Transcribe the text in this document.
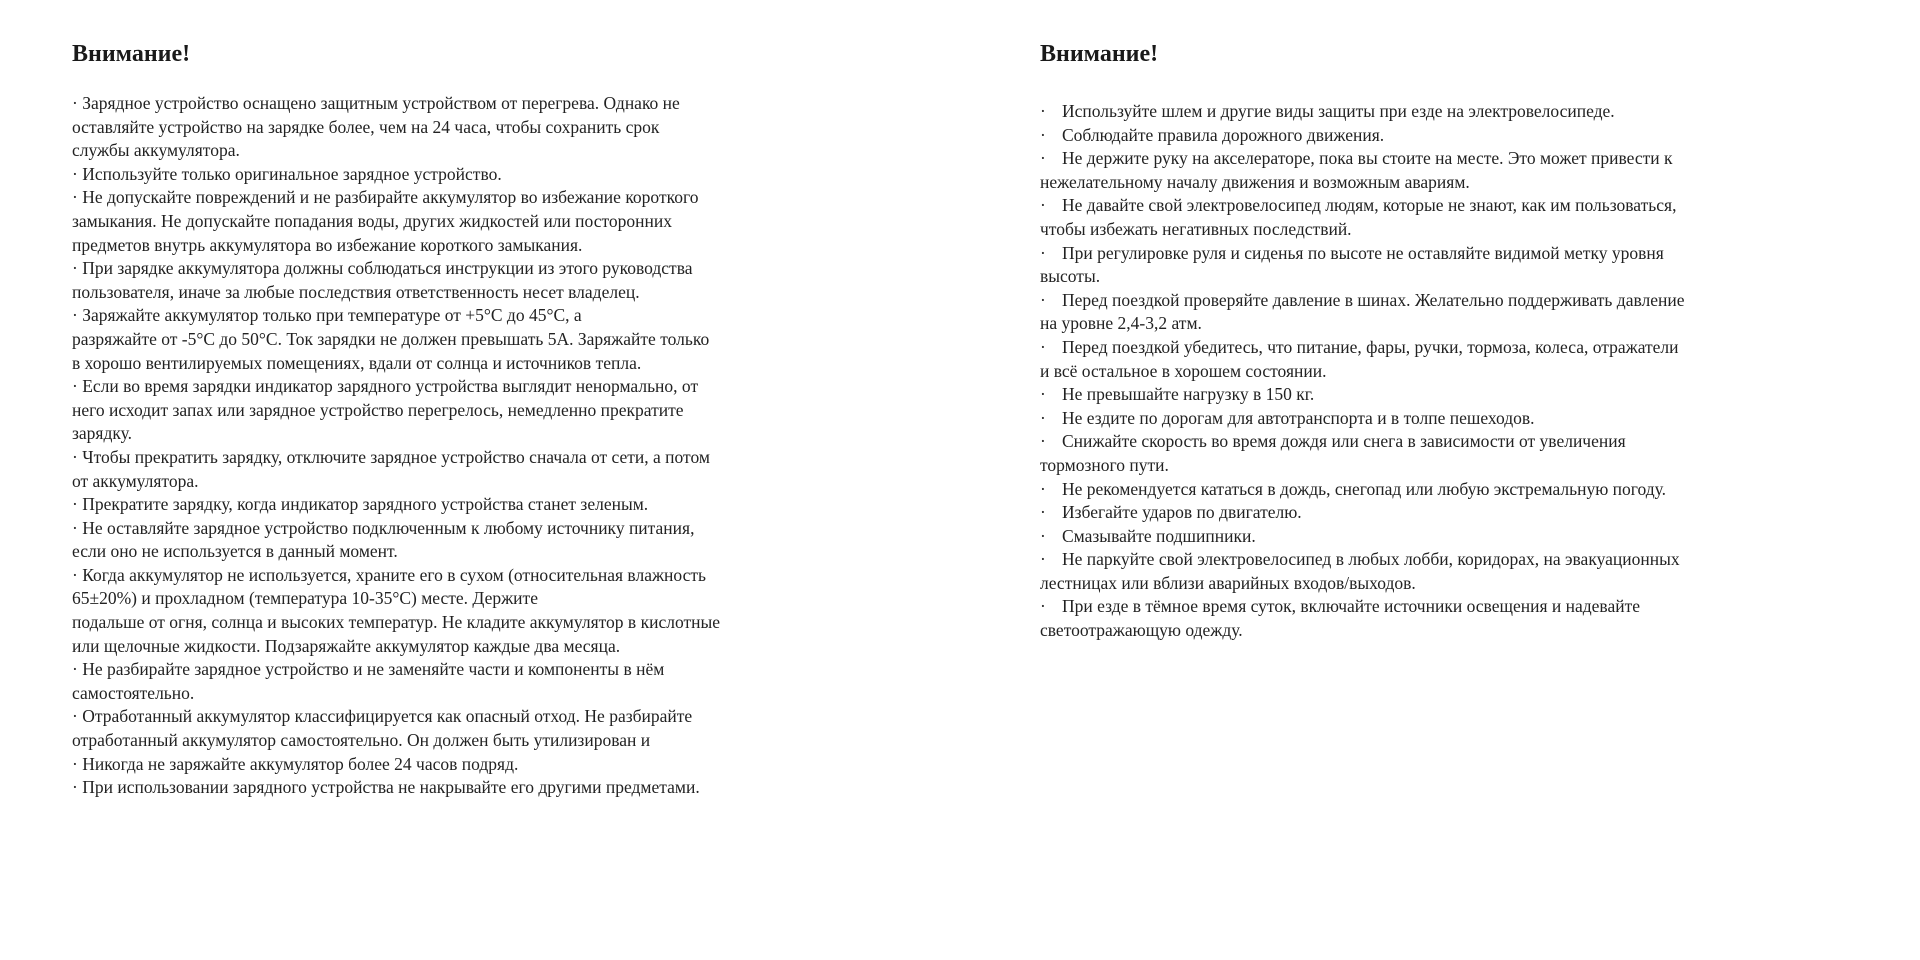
Внимание!
· Зарядное устройство оснащено защитным устройством от перегрева. Однако не
оставляйте устройство на зарядке более, чем на 24 часа, чтобы сохранить срок
службы аккумулятора.
· Используйте только оригинальное зарядное устройство.
· Не допускайте повреждений и не разбирайте аккумулятор во избежание короткого
замыкания. Не допускайте попадания воды, других жидкостей или посторонних
предметов внутрь аккумулятора во избежание короткого замыкания.
· При зарядке аккумулятора должны соблюдаться инструкции из этого руководства
пользователя, иначе за любые последствия ответственность несет владелец.
· Заряжайте аккумулятор только при температуре от +5°С до 45°С, а
разряжайте от -5°С до 50°С. Ток зарядки не должен превышать 5А. Заряжайте только
в хорошо вентилируемых помещениях, вдали от солнца и источников тепла.
· Если во время зарядки индикатор зарядного устройства выглядит ненормально, от
него исходит запах или зарядное устройство перегрелось, немедленно прекратите
зарядку.
· Чтобы прекратить зарядку, отключите зарядное устройство сначала от сети, а потом
от аккумулятора.
· Прекратите зарядку, когда индикатор зарядного устройства станет зеленым.
· Не оставляйте зарядное устройство подключенным к любому источнику питания,
если оно не используется в данный момент.
· Когда аккумулятор не используется, храните его в сухом (относительная влажность
65±20%) и прохладном (температура 10-35°С) месте. Держите
подальше от огня, солнца и высоких температур. Не кладите аккумулятор в кислотные
или щелочные жидкости. Подзаряжайте аккумулятор каждые два месяца.
· Не разбирайте зарядное устройство и не заменяйте части и компоненты в нём
самостоятельно.
· Отработанный аккумулятор классифицируется как опасный отход. Не разбирайте
отработанный аккумулятор самостоятельно. Он должен быть утилизирован и
· Никогда не заряжайте аккумулятор более 24 часов подряд.
· При использовании зарядного устройства не накрывайте его другими предметами.
Внимание!
· Используйте шлем и другие виды защиты при езде на электровелосипеде.
· Соблюдайте правила дорожного движения.
· Не держите руку на акселераторе, пока вы стоите на месте. Это может привести к
нежелательному началу движения и возможным авариям.
· Не давайте свой электровелосипед людям, которые не знают, как им пользоваться,
чтобы избежать негативных последствий.
· При регулировке руля и сиденья по высоте не оставляйте видимой метку уровня
высоты.
· Перед поездкой проверяйте давление в шинах. Желательно поддерживать давление
на уровне 2,4-3,2 атм.
· Перед поездкой убедитесь, что питание, фары, ручки, тормоза, колеса, отражатели
и всё остальное в хорошем состоянии.
· Не превышайте нагрузку в 150 кг.
· Не ездите по дорогам для автотранспорта и в толпе пешеходов.
· Снижайте скорость во время дождя или снега в зависимости от увеличения
тормозного пути.
· Не рекомендуется кататься в дождь, снегопад или любую экстремальную погоду.
· Избегайте ударов по двигателю.
· Смазывайте подшипники.
· Не паркуйте свой электровелосипед в любых лобби, коридорах, на эвакуационных
лестницах или вблизи аварийных входов/выходов.
· При езде в тёмное время суток, включайте источники освещения и надевайте
светоотражающую одежду.
